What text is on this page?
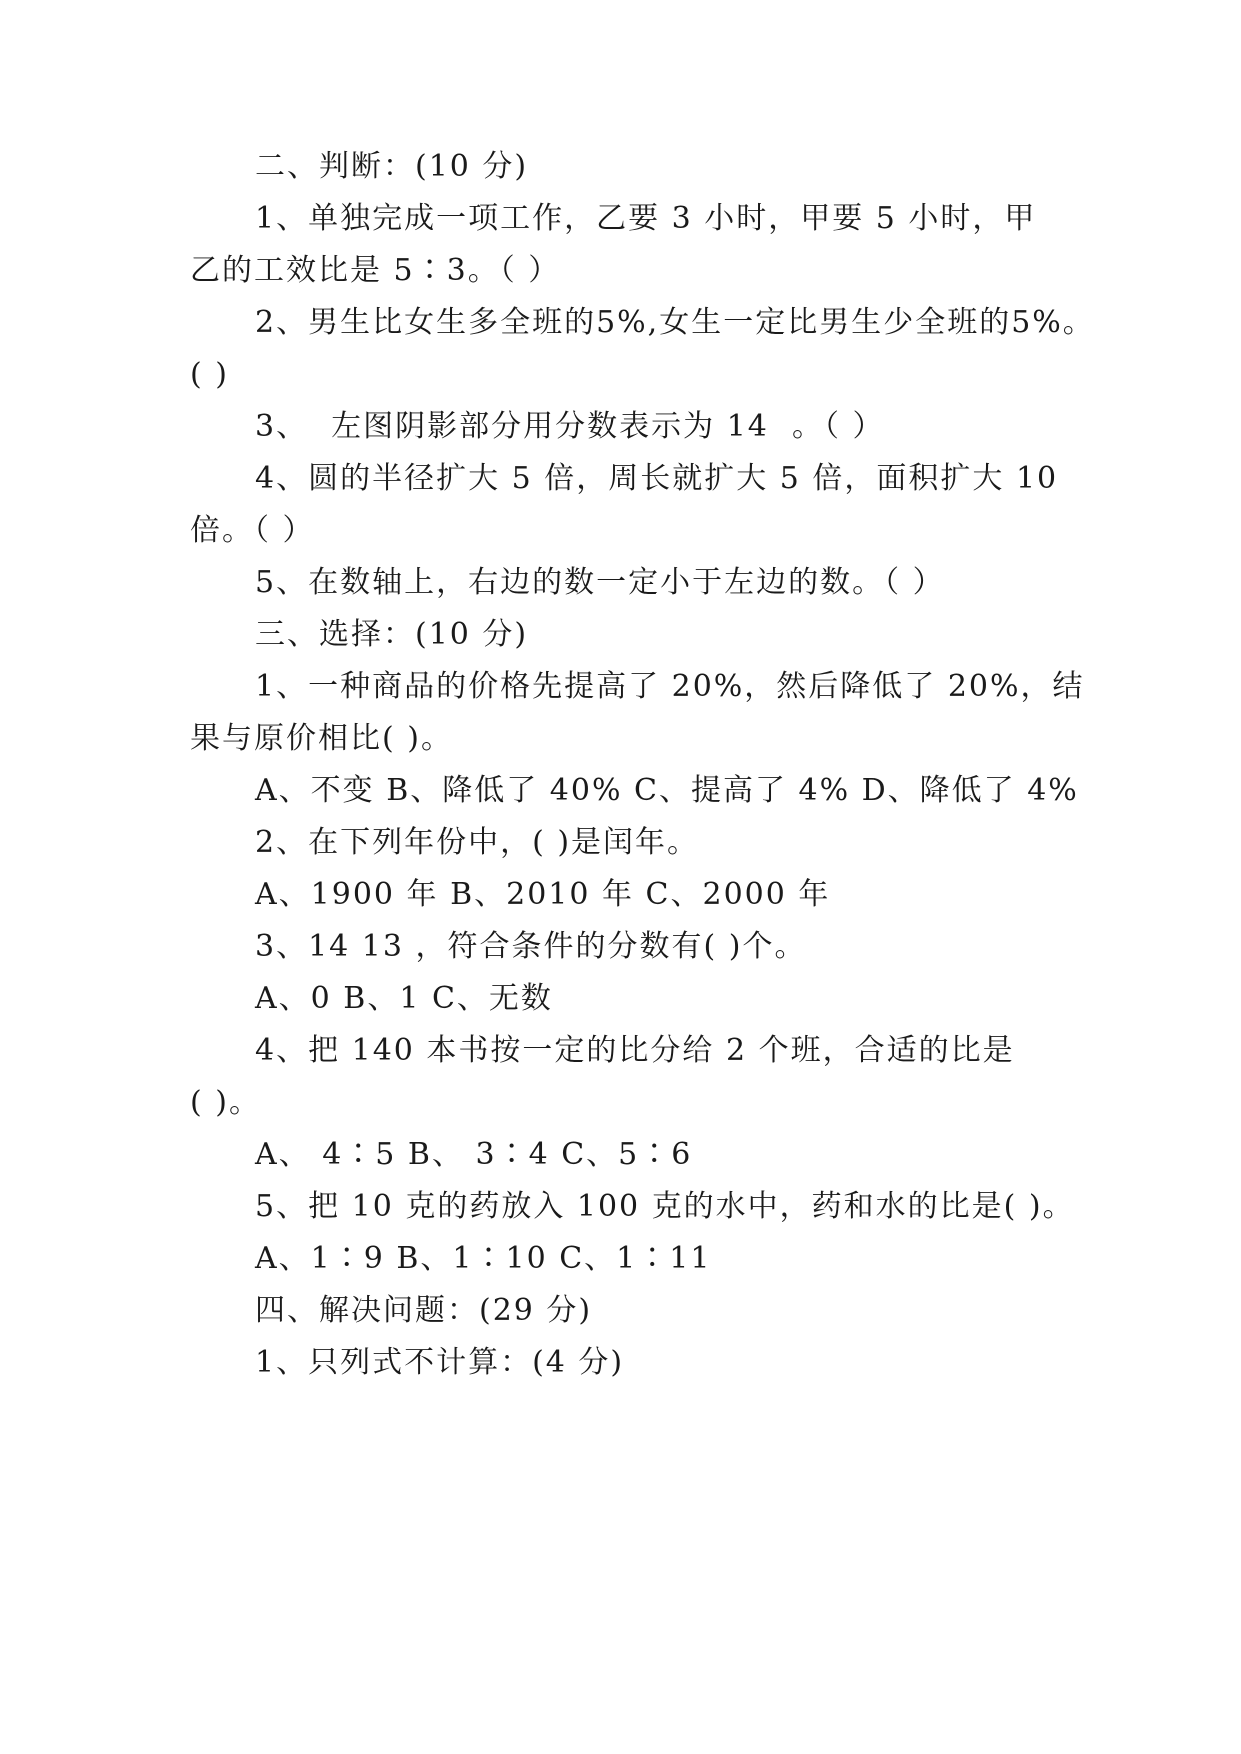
二、判断：(10 分)
1、单独完成一项工作，乙要 3 小时，甲要 5 小时，甲
乙的工效比是 5∶3。（ ）
2、男生比女生多全班的5%,女生一定比男生少全班的5%。
( )
3、  左图阴影部分用分数表示为 14  。（ ）
4、圆的半径扩大 5 倍，周长就扩大 5 倍，面积扩大 10
倍。（ ）
5、在数轴上，右边的数一定小于左边的数。（ ）
三、选择：(10 分)
1、一种商品的价格先提高了 20%，然后降低了 20%，结
果与原价相比( )。
A、不变 B、降低了 40% C、提高了 4% D、降低了 4%
2、在下列年份中，( )是闰年。
A、1900 年 B、2010 年 C、2000 年
3、14 13 ，符合条件的分数有( )个。
A、0 B、1 C、无数
4、把 140 本书按一定的比分给 2 个班，合适的比是
( )。
A、 4∶5 B、 3∶4 C、5∶6
5、把 10 克的药放入 100 克的水中，药和水的比是( )。
A、1∶9 B、1∶10 C、1∶11
四、解决问题：(29 分)
1、只列式不计算：(4 分)
